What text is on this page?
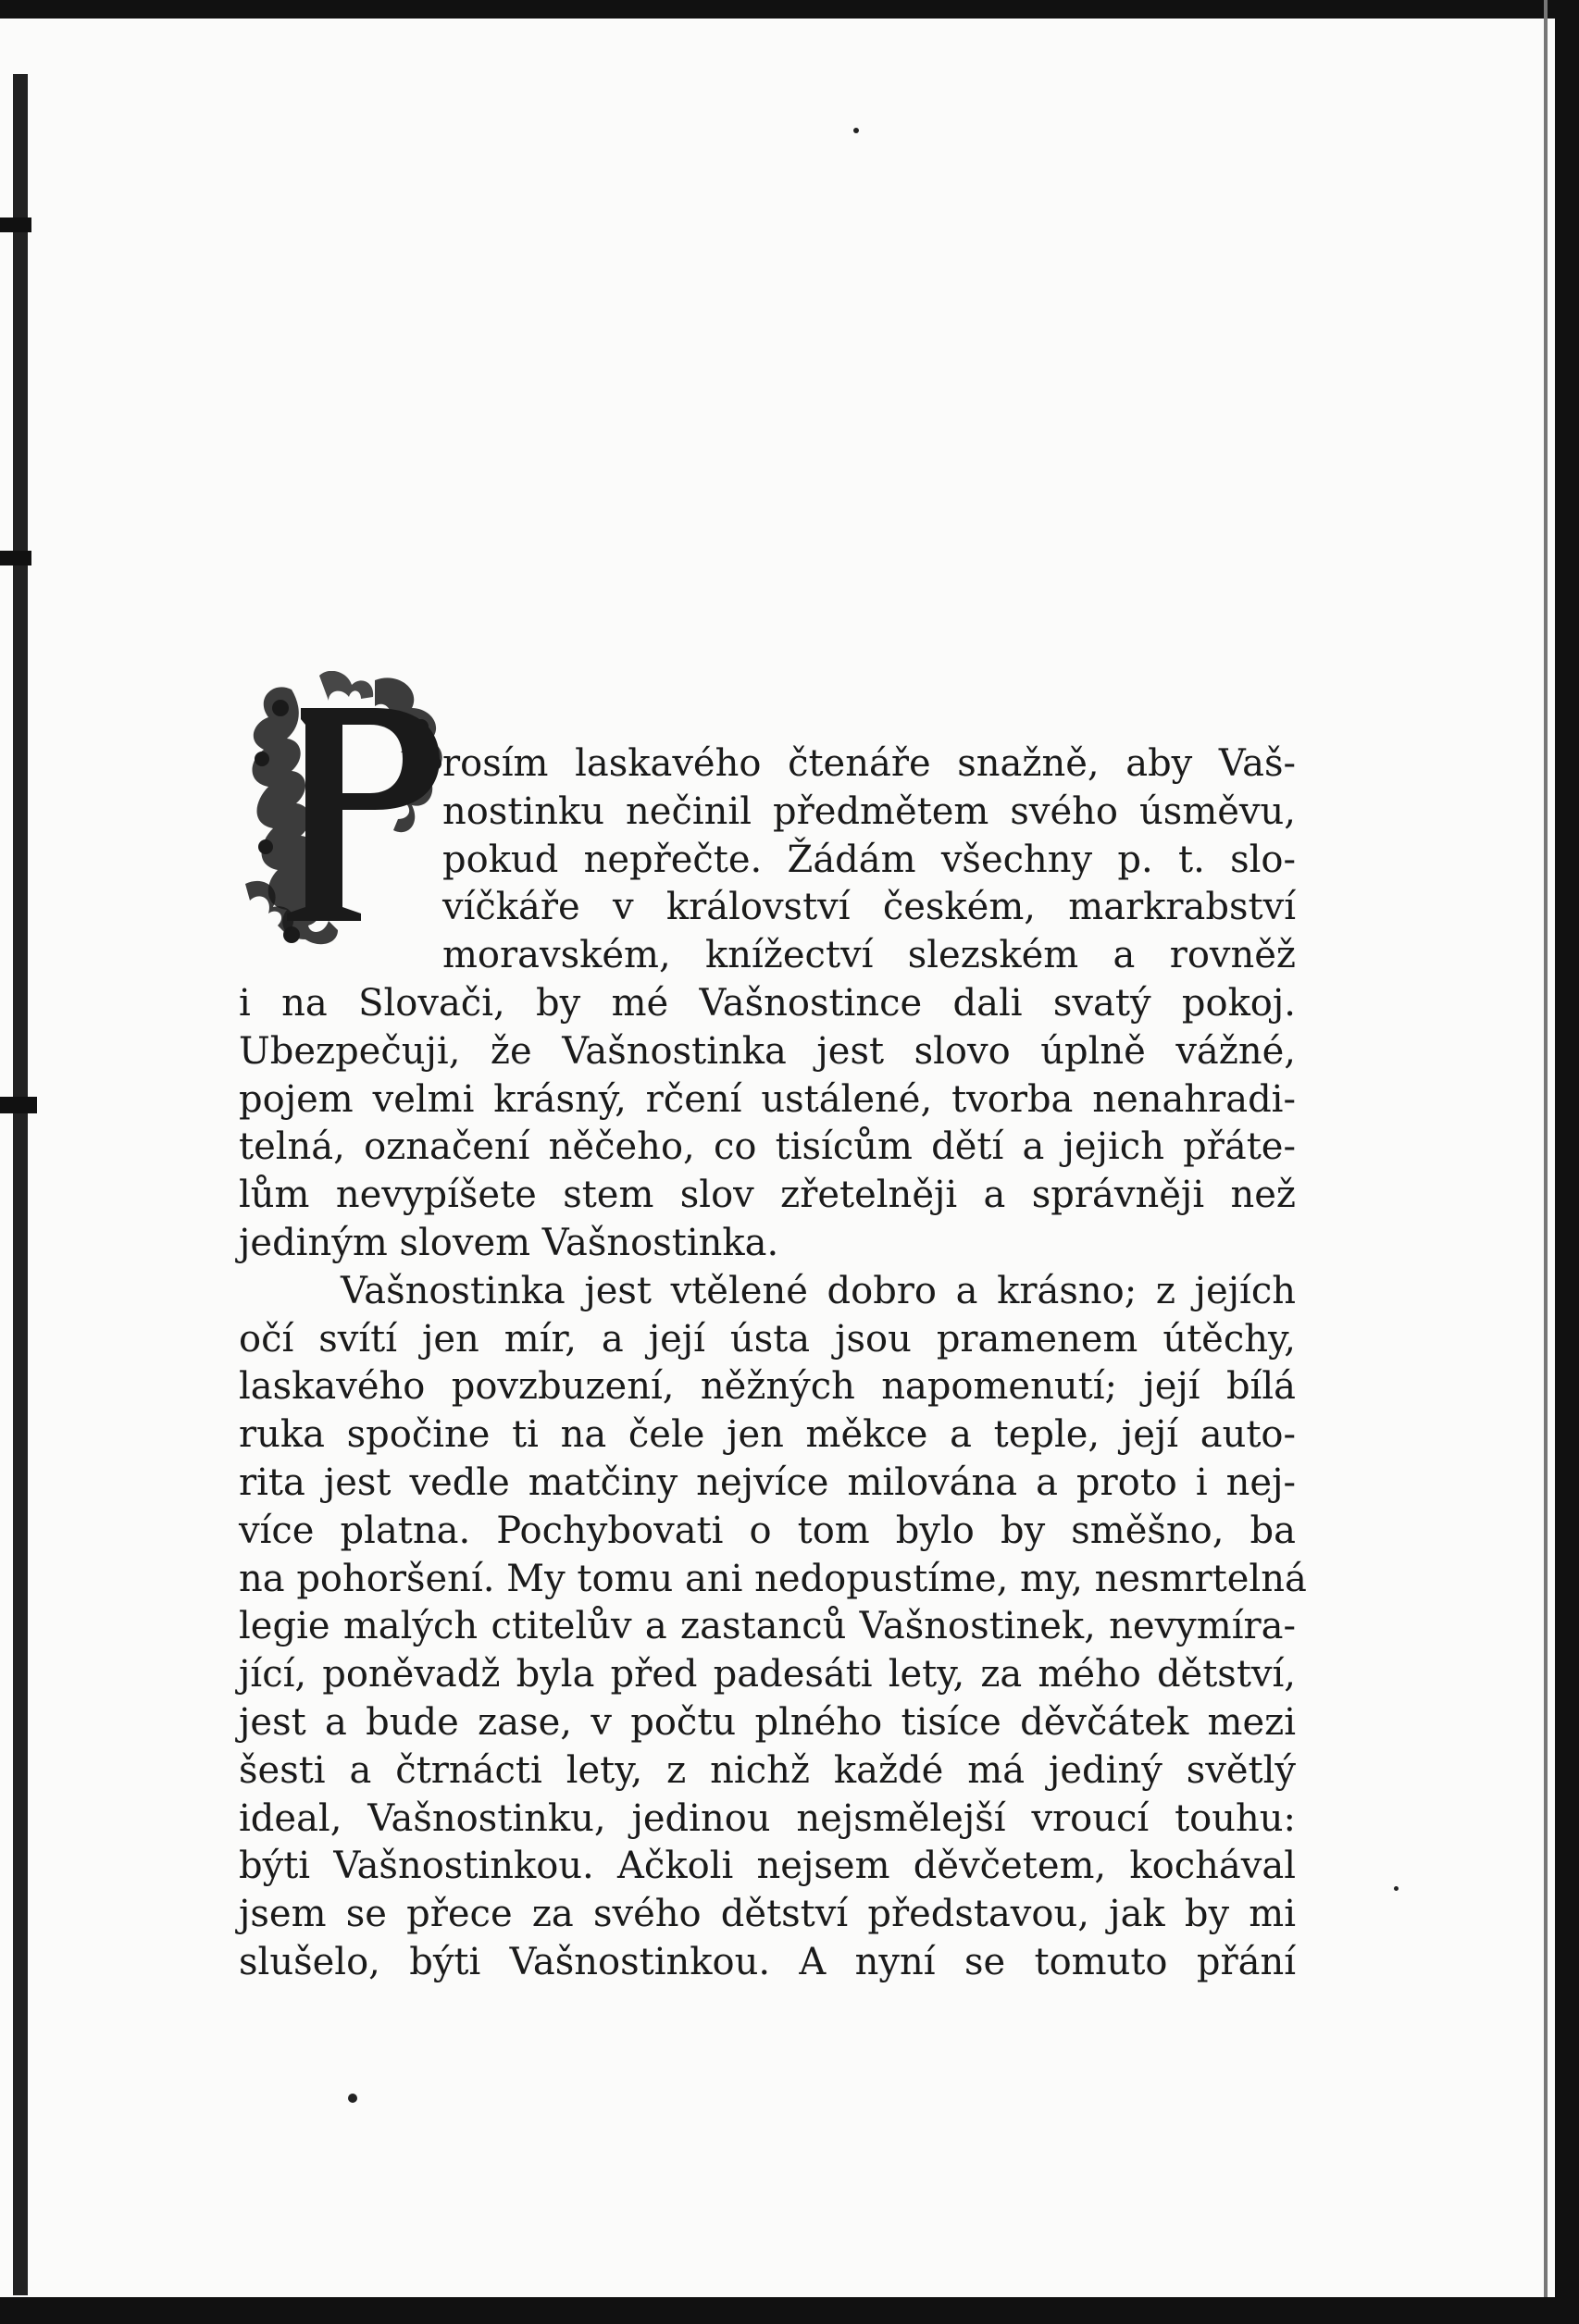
rosím laskavého čtenáře snažně, aby Vaš-
nostinku nečinil předmětem svého úsměvu,
pokud nepřečte. Žádám všechny p. t. slo-
víčkáře v království českém, markrabství
moravském, knížectví slezském a rovněž
i na Slovači, by mé Vašnostince dali svatý pokoj.
Ubezpečuji, že Vašnostinka jest slovo úplně vážné,
pojem velmi krásný, rčení ustálené, tvorba nenahradi-
telná, označení něčeho, co tisícům dětí a jejich přáte-
lům nevypíšete stem slov zřetelněji a správněji než
jediným slovem Vašnostinka.
Vašnostinka jest vtělené dobro a krásno; z jejích
očí svítí jen mír, a její ústa jsou pramenem útěchy,
laskavého povzbuzení, něžných napomenutí; její bílá
ruka spočine ti na čele jen měkce a teple, její auto-
rita jest vedle matčiny nejvíce milována a proto i nej-
více platna. Pochybovati o tom bylo by směšno, ba
na pohoršení. My tomu ani nedopustíme, my, nesmrtelná
legie malých ctitelův a zastanců Vašnostinek, nevymíra-
jící, poněvadž byla před padesáti lety, za mého dětství,
jest a bude zase, v počtu plného tisíce děvčátek mezi
šesti a čtrnácti lety, z nichž každé má jediný světlý
ideal, Vašnostinku, jedinou nejsmělejší vroucí touhu:
býti Vašnostinkou. Ačkoli nejsem děvčetem, kochával
jsem se přece za svého dětství představou, jak by mi
slušelo, býti Vašnostinkou. A nyní se tomuto přání
